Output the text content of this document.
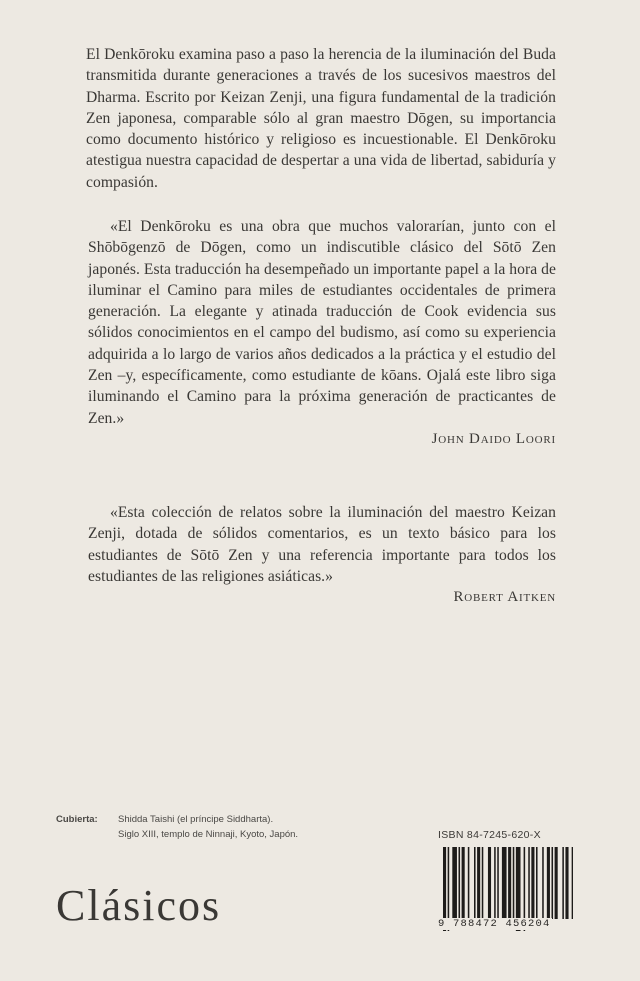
El Denkōroku examina paso a paso la herencia de la iluminación del Buda transmitida durante generaciones a través de los sucesivos maestros del Dharma. Escrito por Keizan Zenji, una figura fundamental de la tradición Zen japonesa, comparable sólo al gran maestro Dōgen, su importancia como documento histórico y religioso es incuestionable. El Denkōroku atestigua nuestra capacidad de despertar a una vida de libertad, sabiduría y compasión.

«El Denkōroku es una obra que muchos valorarían, junto con el Shōbōgenzō de Dōgen, como un indiscutible clásico del Sōtō Zen japonés. Esta traducción ha desempeñado un importante papel a la hora de iluminar el Camino para miles de estudiantes occidentales de primera generación. La elegante y atinada traducción de Cook evidencia sus sólidos conocimientos en el campo del budismo, así como su experiencia adquirida a lo largo de varios años dedicados a la práctica y el estudio del Zen –y, específicamente, como estudiante de kōans. Ojalá este libro siga iluminando el Camino para la próxima generación de practicantes de Zen.»

John Daido Loori

«Esta colección de relatos sobre la iluminación del maestro Keizan Zenji, dotada de sólidos comentarios, es un texto básico para los estudiantes de Sōtō Zen y una referencia importante para todos los estudiantes de las religiones asiáticas.»

Robert Aitken

Cubierta: Shidda Taishi (el príncipe Siddharta).
Siglo XIII, templo de Ninnaji, Kyoto, Japón.
Clásicos
ISBN 84-7245-620-X
9 788472 456204
